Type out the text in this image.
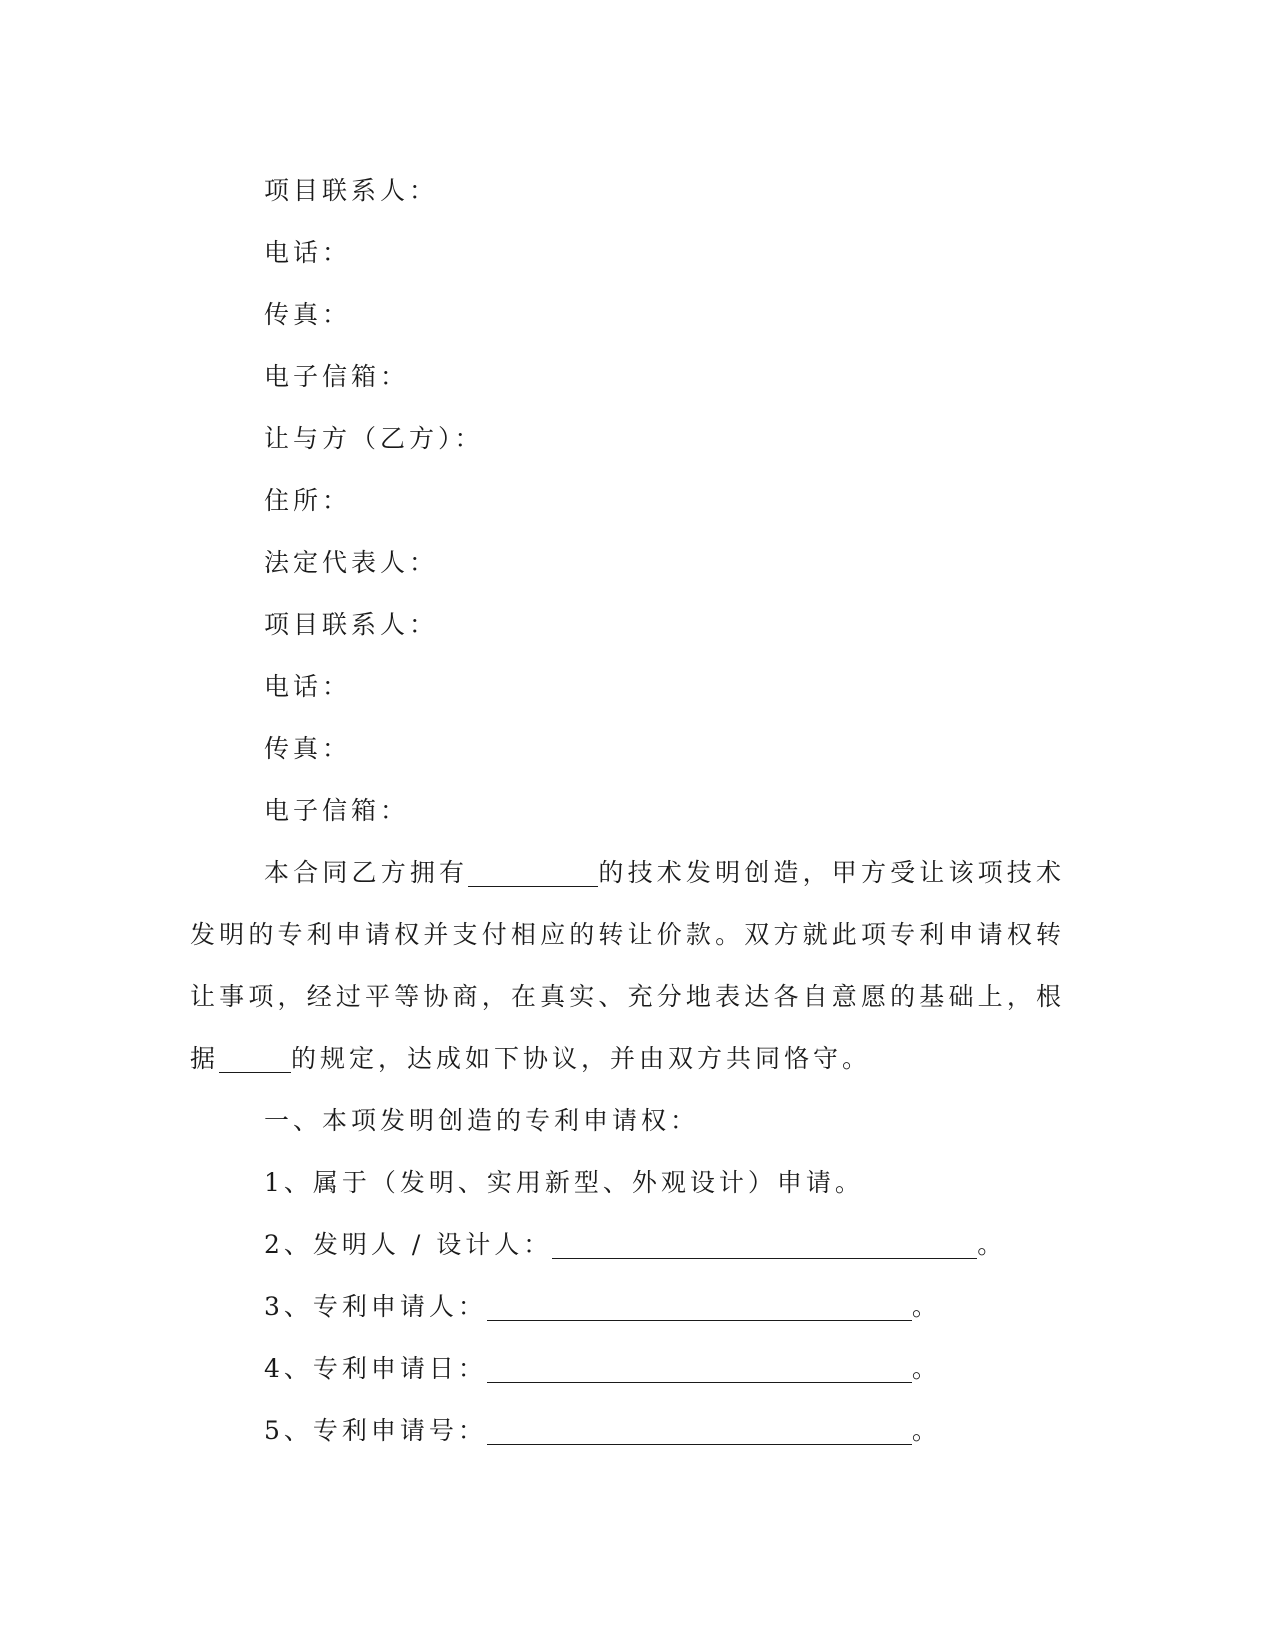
项目联系人：
电话：
传真：
电子信箱：
让与方（乙方）：
住所：
法定代表人：
项目联系人：
电话：
传真：
电子信箱：

本合同乙方拥有	的技术发明创造，甲方受让该项技术发明的专利申请权并支付相应的转让价款。双方就此项专利申请权转让事项，经过平等协商，在真实、充分地表达各自意愿的基础上，根据	的规定，达成如下协议，并由双方共同恪守。

一、本项发明创造的专利申请权：
1、属于（发明、实用新型、外观设计）申请。
2、发明人 / 设计人：	。
3、专利申请人：	。
4、专利申请日：	。
5、专利申请号：	。
